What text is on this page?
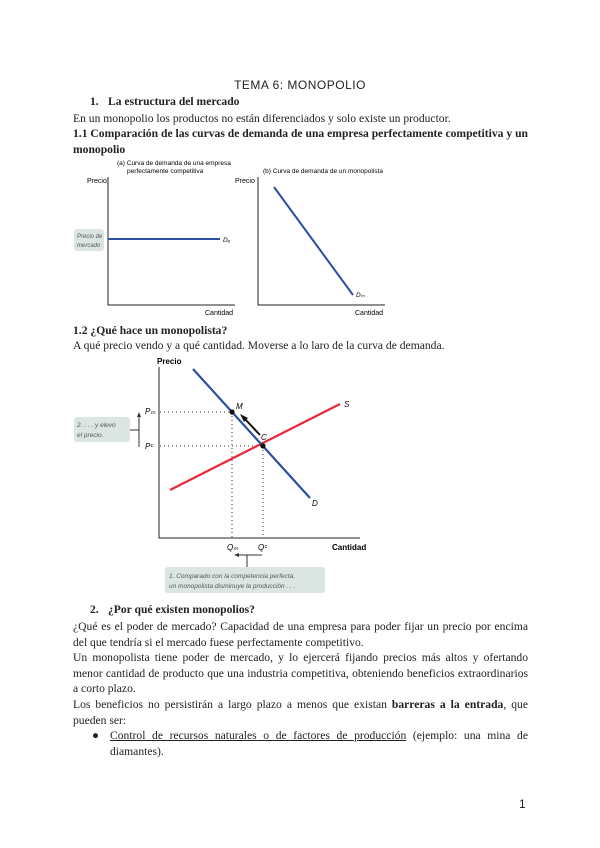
TEMA 6: MONOPOLIO
1. La estructura del mercado
En un monopolio los productos no están diferenciados y solo existe un productor.
1.1 Comparación de las curvas de demanda de una empresa perfectamente competitiva y un monopolio
(a) Curva de demanda de una empresa
perfectamente competitiva
Precio
Precio de
mercado
Dₑ
Cantidad
(b) Curva de demanda de un monopolista
Precio
Dₘ
Cantidad
1.2 ¿Qué hace un monopolista?
A qué precio vendo y a qué cantidad. Moverse a lo laro de la curva de demanda.
Precio
M
C
S
D
Pₘ
Pᶜ
Qₘ Qᶜ	Cantidad
2. . . . y elevo
el precio.
1. Comparado con la competencia perfecta,
un monopolista disminuye la producción . . .
2. ¿Por qué existen monopolios?
¿Qué es el poder de mercado? Capacidad de una empresa para poder fijar un precio por encima del que tendría si el mercado fuese perfectamente competitivo.
Un monopolista tiene poder de mercado, y lo ejercerá fijando precios más altos y ofertando menor cantidad de producto que una industria competitiva, obteniendo beneficios extraordinarios a corto plazo.
Los beneficios no persistirán a largo plazo a menos que existan barreras a la entrada, que pueden ser:
● Control de recursos naturales o de factores de producción (ejemplo: una mina de diamantes).
1
